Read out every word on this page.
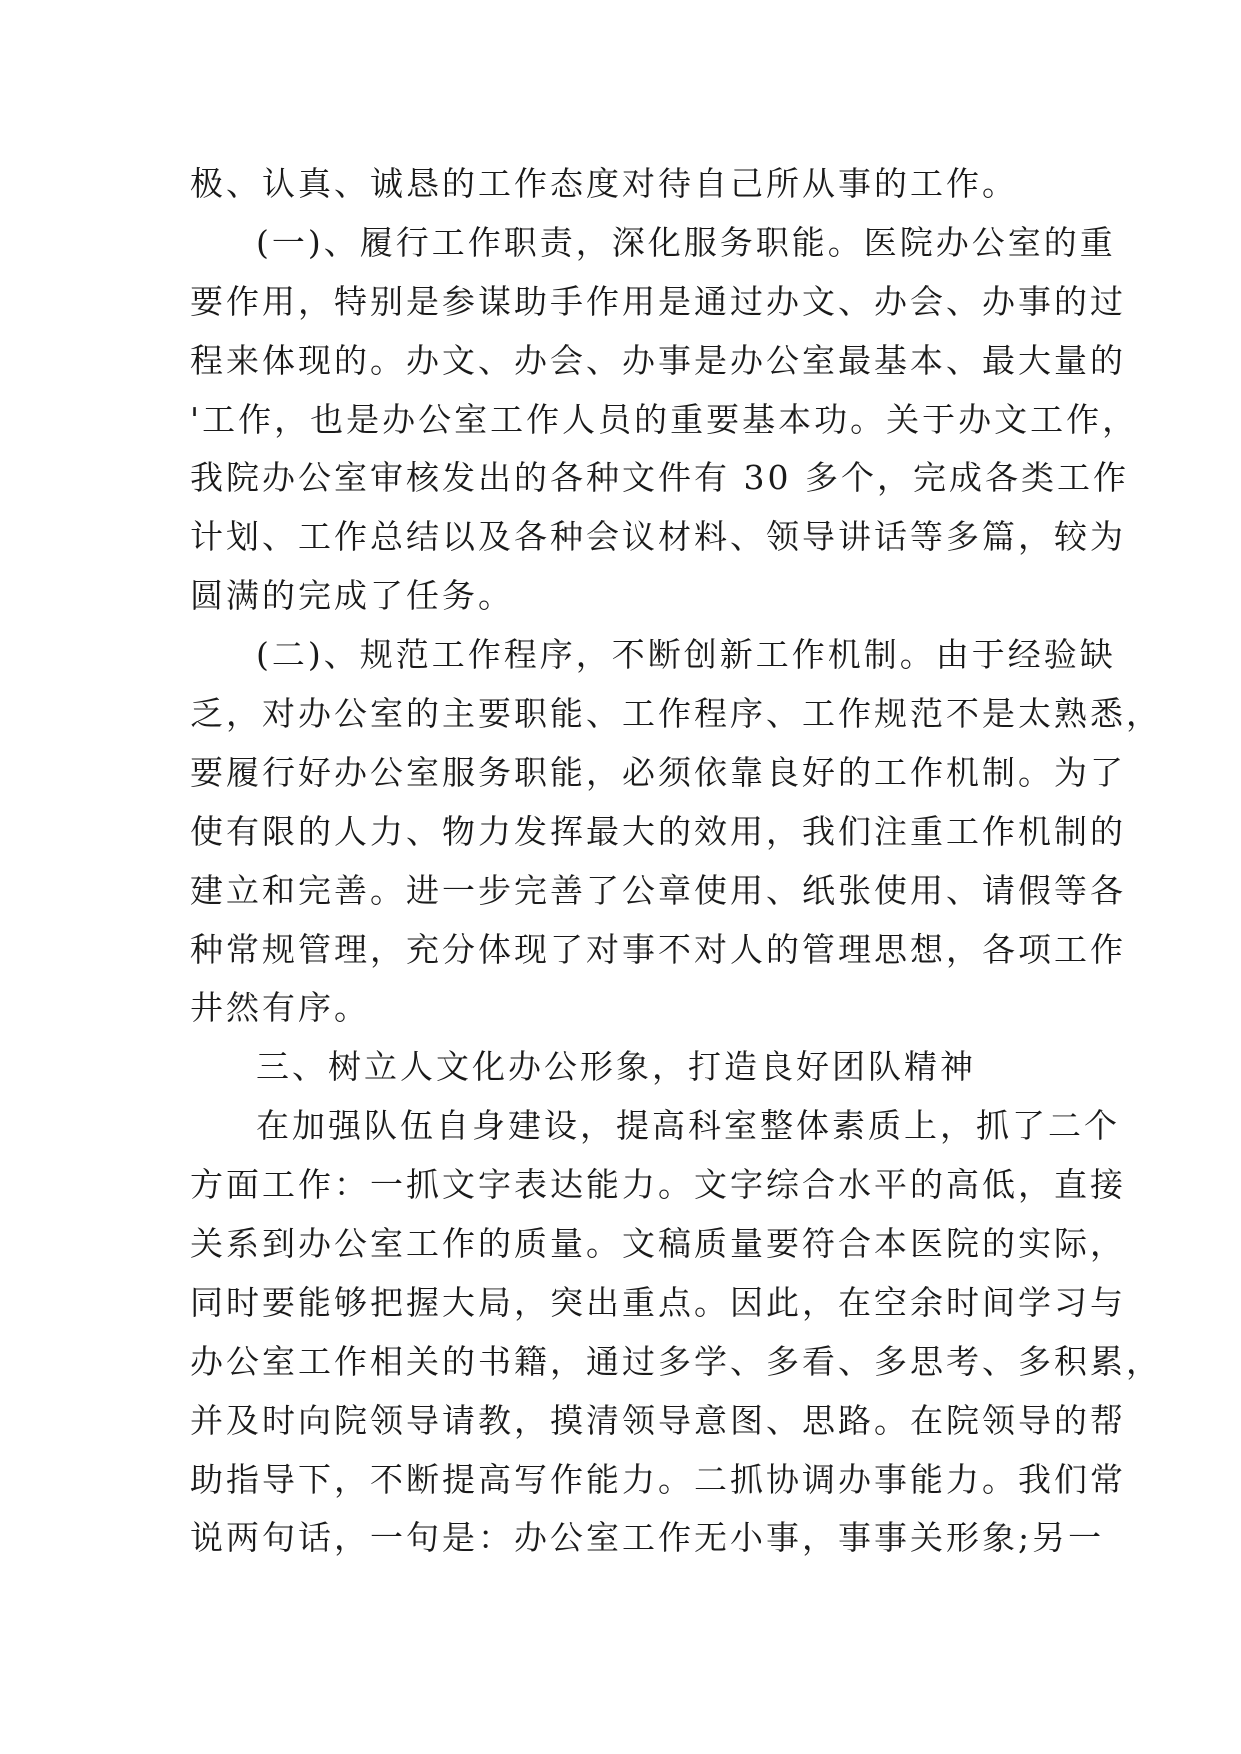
极、认真、诚恳的工作态度对待自己所从事的工作。
(一)、履行工作职责，深化服务职能。医院办公室的重
要作用，特别是参谋助手作用是通过办文、办会、办事的过
程来体现的。办文、办会、办事是办公室最基本、最大量的
'工作，也是办公室工作人员的重要基本功。关于办文工作，
我院办公室审核发出的各种文件有 30 多个，完成各类工作
计划、工作总结以及各种会议材料、领导讲话等多篇，较为
圆满的完成了任务。
(二)、规范工作程序，不断创新工作机制。由于经验缺
乏，对办公室的主要职能、工作程序、工作规范不是太熟悉，
要履行好办公室服务职能，必须依靠良好的工作机制。为了
使有限的人力、物力发挥最大的效用，我们注重工作机制的
建立和完善。进一步完善了公章使用、纸张使用、请假等各
种常规管理，充分体现了对事不对人的管理思想，各项工作
井然有序。
三、树立人文化办公形象，打造良好团队精神
在加强队伍自身建设，提高科室整体素质上，抓了二个
方面工作：一抓文字表达能力。文字综合水平的高低，直接
关系到办公室工作的质量。文稿质量要符合本医院的实际，
同时要能够把握大局，突出重点。因此，在空余时间学习与
办公室工作相关的书籍，通过多学、多看、多思考、多积累，
并及时向院领导请教，摸清领导意图、思路。在院领导的帮
助指导下，不断提高写作能力。二抓协调办事能力。我们常
说两句话，一句是：办公室工作无小事，事事关形象;另一
